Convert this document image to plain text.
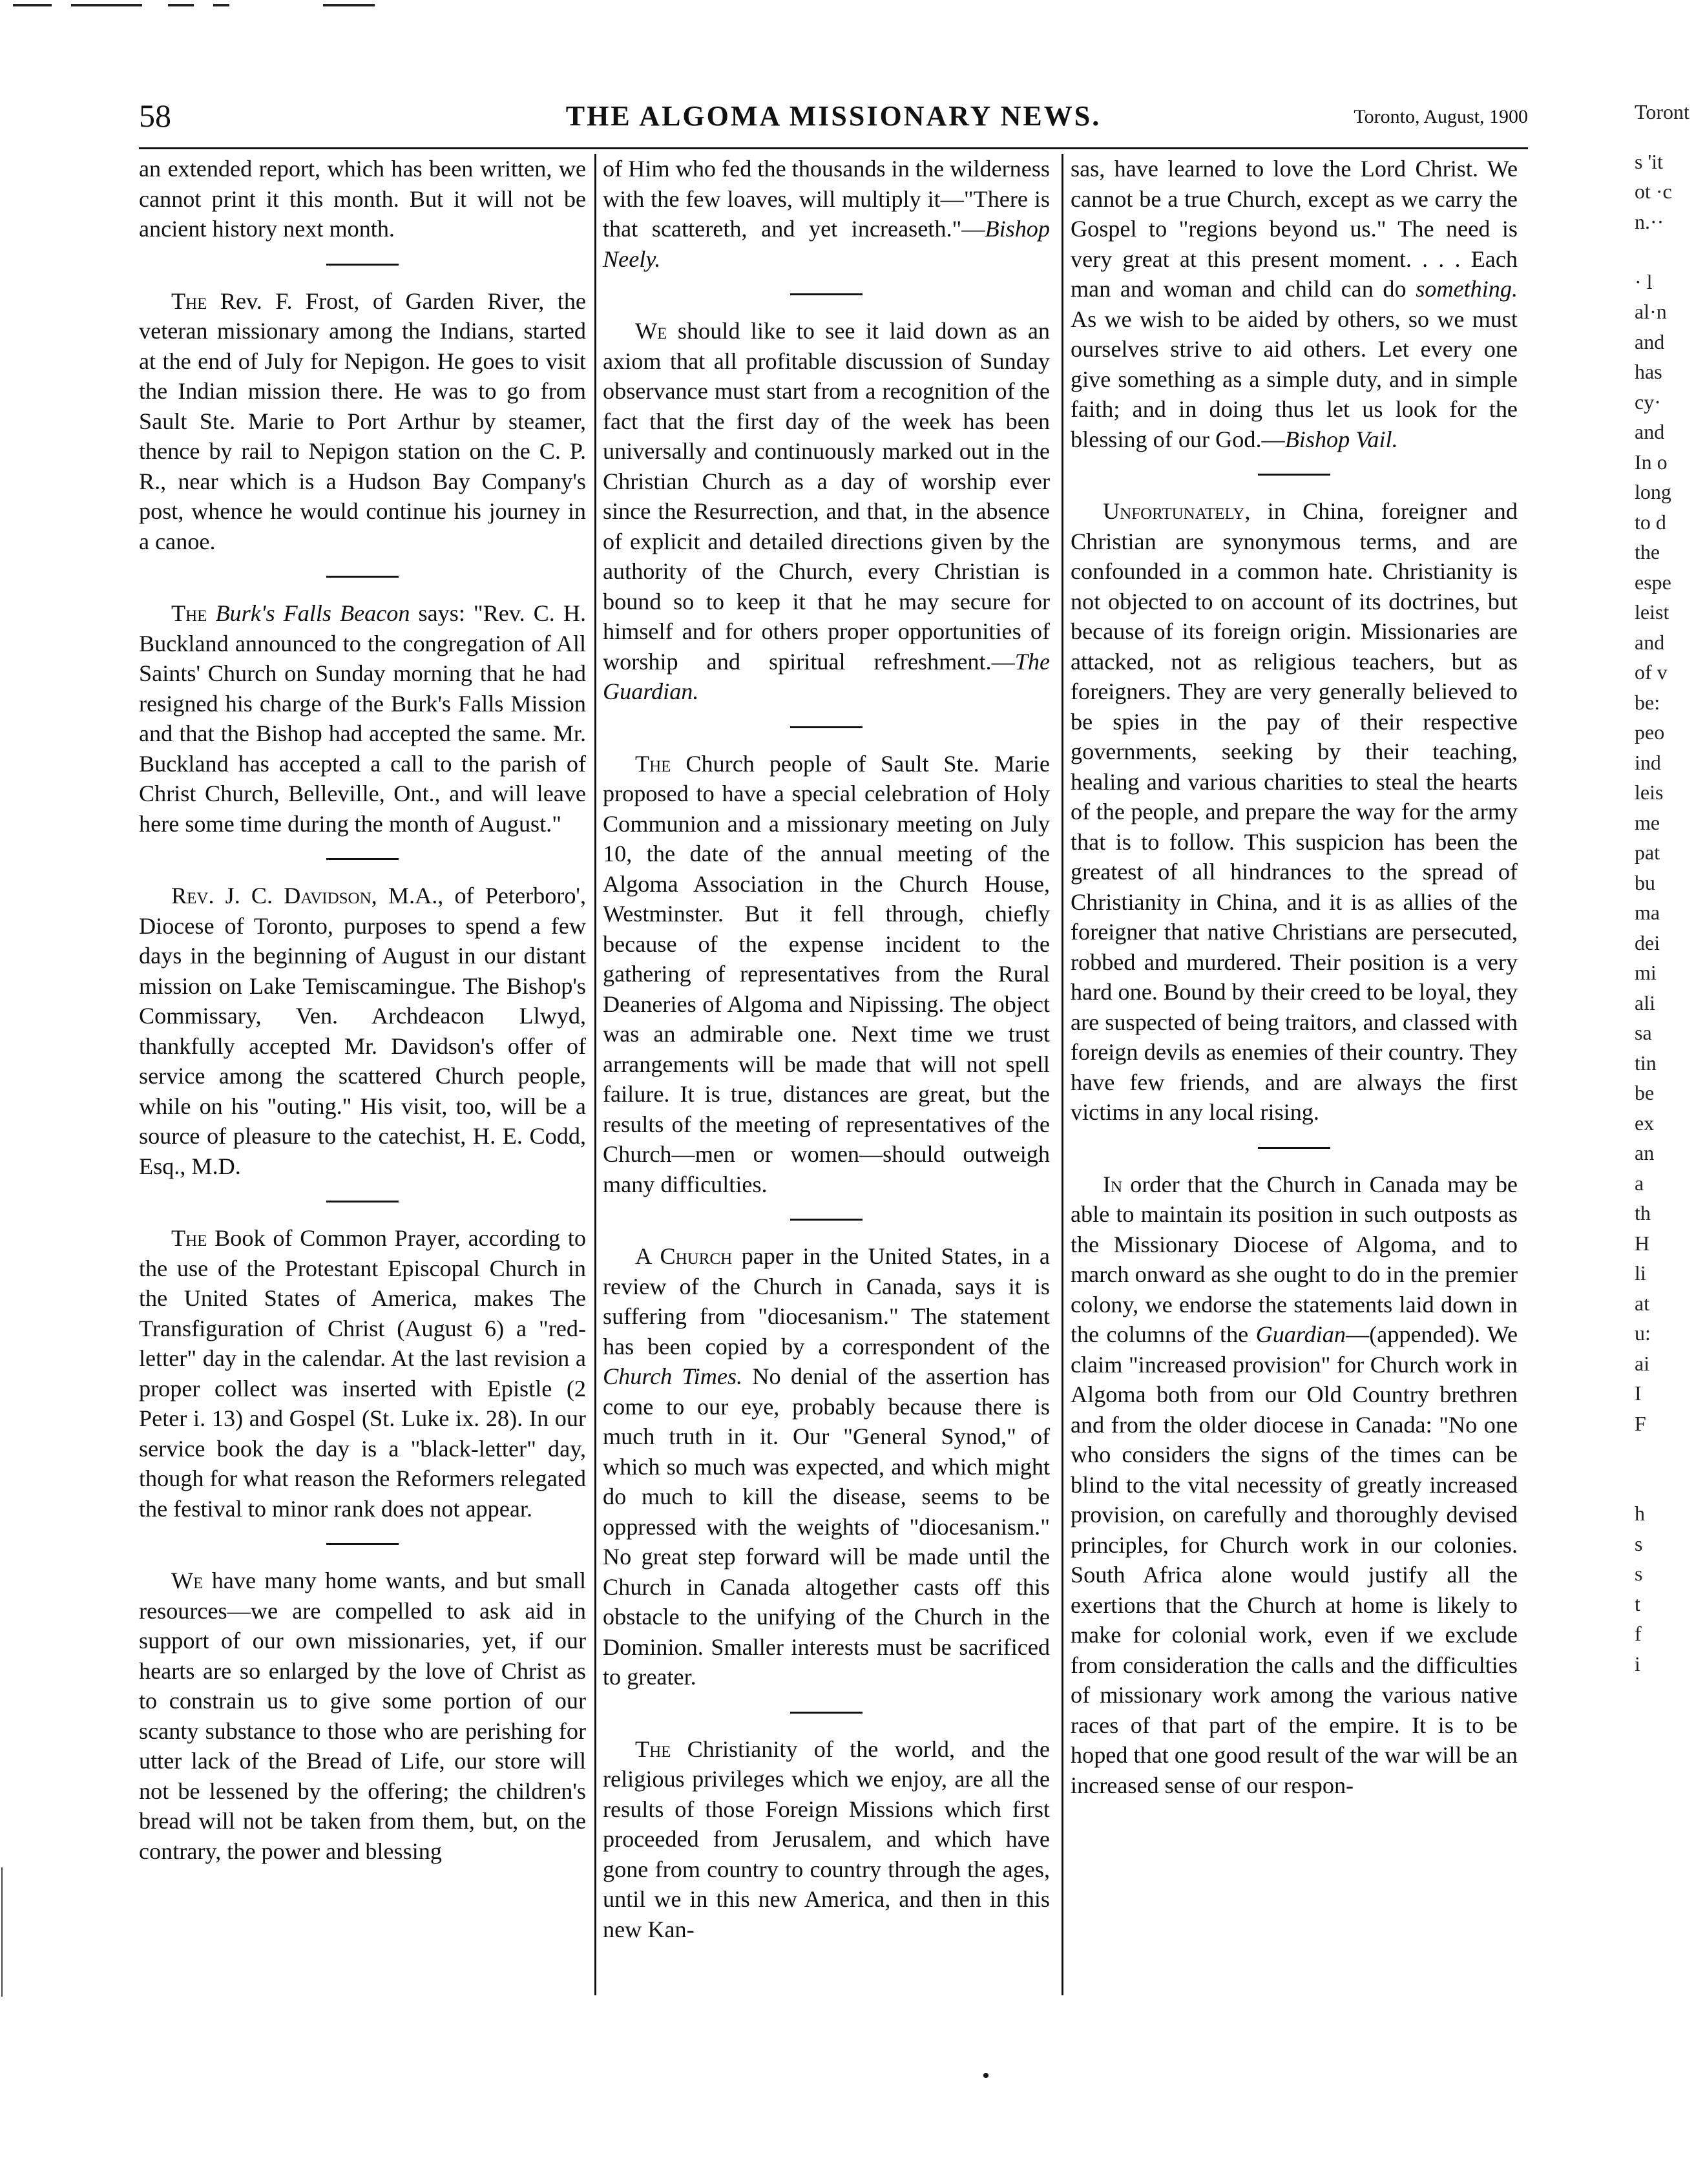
58	THE ALGOMA MISSIONARY NEWS.	Toronto, August, 1900

an extended report, which has been written, we cannot print it this month. But it will not be ancient history next month.

The Rev. F. Frost, of Garden River, the veteran missionary among the Indians, started at the end of July for Nepigon. He goes to visit the Indian mission there. He was to go from Sault Ste. Marie to Port Arthur by steamer, thence by rail to Nepigon station on the C. P. R., near which is a Hudson Bay Company's post, whence he would continue his journey in a canoe.

The Burk's Falls Beacon says: "Rev. C. H. Buckland announced to the congregation of All Saints' Church on Sunday morning that he had resigned his charge of the Burk's Falls Mission and that the Bishop had accepted the same. Mr. Buckland has accepted a call to the parish of Christ Church, Belleville, Ont., and will leave here some time during the month of August."

Rev. J. C. Davidson, M.A., of Peterboro', Diocese of Toronto, purposes to spend a few days in the beginning of August in our distant mission on Lake Temiscamingue. The Bishop's Commissary, Ven. Archdeacon Llwyd, thankfully accepted Mr. Davidson's offer of service among the scattered Church people, while on his "outing." His visit, too, will be a source of pleasure to the catechist, H. E. Codd, Esq., M.D.

The Book of Common Prayer, according to the use of the Protestant Episcopal Church in the United States of America, makes The Transfiguration of Christ (August 6) a "red-letter" day in the calendar. At the last revision a proper collect was inserted with Epistle (2 Peter i. 13) and Gospel (St. Luke ix. 28). In our service book the day is a "black-letter" day, though for what reason the Reformers relegated the festival to minor rank does not appear.

We have many home wants, and but small resources—we are compelled to ask aid in support of our own missionaries, yet, if our hearts are so enlarged by the love of Christ as to constrain us to give some portion of our scanty substance to those who are perishing for utter lack of the Bread of Life, our store will not be lessened by the offering; the children's bread will not be taken from them, but, on the contrary, the power and blessing

of Him who fed the thousands in the wilderness with the few loaves, will multiply it—"There is that scattereth, and yet increaseth."—Bishop Neely.

We should like to see it laid down as an axiom that all profitable discussion of Sunday observance must start from a recognition of the fact that the first day of the week has been universally and continuously marked out in the Christian Church as a day of worship ever since the Resurrection, and that, in the absence of explicit and detailed directions given by the authority of the Church, every Christian is bound so to keep it that he may secure for himself and for others proper opportunities of worship and spiritual refreshment.—The Guardian.

The Church people of Sault Ste. Marie proposed to have a special celebration of Holy Communion and a missionary meeting on July 10, the date of the annual meeting of the Algoma Association in the Church House, Westminster. But it fell through, chiefly because of the expense incident to the gathering of representatives from the Rural Deaneries of Algoma and Nipissing. The object was an admirable one. Next time we trust arrangements will be made that will not spell failure. It is true, distances are great, but the results of the meeting of representatives of the Church—men or women—should outweigh many difficulties.

A Church paper in the United States, in a review of the Church in Canada, says it is suffering from "diocesanism." The statement has been copied by a correspondent of the Church Times. No denial of the assertion has come to our eye, probably because there is much truth in it. Our "General Synod," of which so much was expected, and which might do much to kill the disease, seems to be oppressed with the weights of "diocesanism." No great step forward will be made until the Church in Canada altogether casts off this obstacle to the unifying of the Church in the Dominion. Smaller interests must be sacrificed to greater.

The Christianity of the world, and the religious privileges which we enjoy, are all the results of those Foreign Missions which first proceeded from Jerusalem, and which have gone from country to country through the ages, until we in this new America, and then in this new Kan-

sas, have learned to love the Lord Christ. We cannot be a true Church, except as we carry the Gospel to "regions beyond us." The need is very great at this present moment. . . . Each man and woman and child can do something. As we wish to be aided by others, so we must ourselves strive to aid others. Let every one give something as a simple duty, and in simple faith; and in doing thus let us look for the blessing of our God.—Bishop Vail.

Unfortunately, in China, foreigner and Christian are synonymous terms, and are confounded in a common hate. Christianity is not objected to on account of its doctrines, but because of its foreign origin. Missionaries are attacked, not as religious teachers, but as foreigners. They are very generally believed to be spies in the pay of their respective governments, seeking by their teaching, healing and various charities to steal the hearts of the people, and prepare the way for the army that is to follow. This suspicion has been the greatest of all hindrances to the spread of Christianity in China, and it is as allies of the foreigner that native Christians are persecuted, robbed and murdered. Their position is a very hard one. Bound by their creed to be loyal, they are suspected of being traitors, and classed with foreign devils as enemies of their country. They have few friends, and are always the first victims in any local rising.

In order that the Church in Canada may be able to maintain its position in such outposts as the Missionary Diocese of Algoma, and to march onward as she ought to do in the premier colony, we endorse the statements laid down in the columns of the Guardian—(appended). We claim "increased provision" for Church work in Algoma both from our Old Country brethren and from the older diocese in Canada: "No one who considers the signs of the times can be blind to the vital necessity of greatly increased provision, on carefully and thoroughly devised principles, for Church work in our colonies. South Africa alone would justify all the exertions that the Church at home is likely to make for colonial work, even if we exclude from consideration the calls and the difficulties of missionary work among the various native races of that part of the empire. It is to be hoped that one good result of the war will be an increased sense of our respon-

Toront
s 'it
ot ·c
n.··

· l
al·n
and
has
cy·
and
In o
long
to d
the
espe
leist
and
of v
be:
peo
ind
leis
me
pat
bu
ma
dei
mi
ali
sa
tin
be
ex
an
a
th
H
li
at
u:
ai
I
F

h
s
s
t
f
i
